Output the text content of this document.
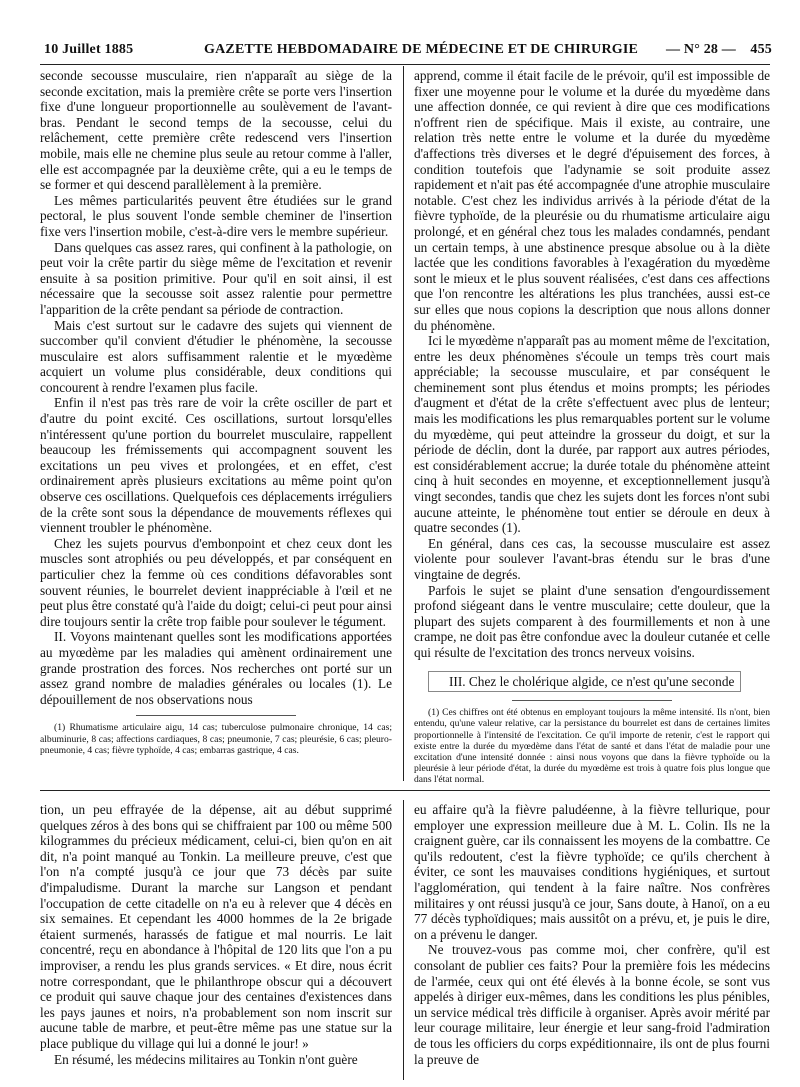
10 Juillet 1885	GAZETTE HEBDOMADAIRE DE MÉDECINE ET DE CHIRURGIE — N° 28 — 455

seconde secousse musculaire, rien n'apparaît au siège de la seconde excitation, mais la première crête se porte vers l'insertion fixe d'une longueur proportionnelle au soulèvement de l'avant-bras. Pendant le second temps de la secousse, celui du relâchement, cette première crête redescend vers l'insertion mobile, mais elle ne chemine plus seule au retour comme à l'aller, elle est accompagnée par la deuxième crête, qui a eu le temps de se former et qui descend parallèlement à la première.

Les mêmes particularités peuvent être étudiées sur le grand pectoral, le plus souvent l'onde semble cheminer de l'insertion fixe vers l'insertion mobile, c'est-à-dire vers le membre supérieur.

Dans quelques cas assez rares, qui confinent à la pathologie, on peut voir la crête partir du siège même de l'excitation et revenir ensuite à sa position primitive. Pour qu'il en soit ainsi, il est nécessaire que la secousse soit assez ralentie pour permettre l'apparition de la crête pendant sa période de contraction.

Mais c'est surtout sur le cadavre des sujets qui viennent de succomber qu'il convient d'étudier le phénomène, la secousse musculaire est alors suffisamment ralentie et le myœdème acquiert un volume plus considérable, deux conditions qui concourent à rendre l'examen plus facile.

Enfin il n'est pas très rare de voir la crête osciller de part et d'autre du point excité. Ces oscillations, surtout lorsqu'elles n'intéressent qu'une portion du bourrelet musculaire, rappellent beaucoup les frémissements qui accompagnent souvent les excitations un peu vives et prolongées, et en effet, c'est ordinairement après plusieurs excitations au même point qu'on observe ces oscillations. Quelquefois ces déplacements irréguliers de la crête sont sous la dépendance de mouvements réflexes qui viennent troubler le phénomène.

Chez les sujets pourvus d'embonpoint et chez ceux dont les muscles sont atrophiés ou peu développés, et par conséquent en particulier chez la femme où ces conditions défavorables sont souvent réunies, le bourrelet devient inappréciable à l'œil et ne peut plus être constaté qu'à l'aide du doigt; celui-ci peut pour ainsi dire toujours sentir la crête trop faible pour soulever le tégument.

II. Voyons maintenant quelles sont les modifications apportées au myœdème par les maladies qui amènent ordinairement une grande prostration des forces. Nos recherches ont porté sur un assez grand nombre de maladies générales ou locales (1). Le dépouillement de nos observations nous

(1) Rhumatisme articulaire aigu, 14 cas; tuberculose pulmonaire chronique, 14 cas; albuminurie, 8 cas; affections cardiaques, 8 cas; pneumonie, 7 cas; pleurésie, 6 cas; pleuro-pneumonie, 4 cas; fièvre typhoïde, 4 cas; embarras gastrique, 4 cas.

apprend, comme il était facile de le prévoir, qu'il est impossible de fixer une moyenne pour le volume et la durée du myœdème dans une affection donnée, ce qui revient à dire que ces modifications n'offrent rien de spécifique. Mais il existe, au contraire, une relation très nette entre le volume et la durée du myœdème d'affections très diverses et le degré d'épuisement des forces, à condition toutefois que l'adynamie se soit produite assez rapidement et n'ait pas été accompagnée d'une atrophie musculaire notable. C'est chez les individus arrivés à la période d'état de la fièvre typhoïde, de la pleurésie ou du rhumatisme articulaire aigu prolongé, et en général chez tous les malades condamnés, pendant un certain temps, à une abstinence presque absolue ou à la diète lactée que les conditions favorables à l'exagération du myœdème sont le mieux et le plus souvent réalisées, c'est dans ces affections que l'on rencontre les altérations les plus tranchées, aussi est-ce sur elles que nous copions la description que nous allons donner du phénomène.

Ici le myœdème n'apparaît pas au moment même de l'excitation, entre les deux phénomènes s'écoule un temps très court mais appréciable; la secousse musculaire, et par conséquent le cheminement sont plus étendus et moins prompts; les périodes d'augment et d'état de la crête s'effectuent avec plus de lenteur; mais les modifications les plus remarquables portent sur le volume du myœdème, qui peut atteindre la grosseur du doigt, et sur la période de déclin, dont la durée, par rapport aux autres périodes, est considérablement accrue; la durée totale du phénomène atteint cinq à huit secondes en moyenne, et exceptionnellement jusqu'à vingt secondes, tandis que chez les sujets dont les forces n'ont subi aucune atteinte, le phénomène tout entier se déroule en deux à quatre secondes (1).

En général, dans ces cas, la secousse musculaire est assez violente pour soulever l'avant-bras étendu sur le bras d'une vingtaine de degrés.

Parfois le sujet se plaint d'une sensation d'engourdissement profond siégeant dans le ventre musculaire; cette douleur, que la plupart des sujets comparent à des fourmillements et non à une crampe, ne doit pas être confondue avec la douleur cutanée et celle qui résulte de l'excitation des troncs nerveux voisins.

III. Chez le cholérique algide, ce n'est qu'une seconde

(1) Ces chiffres ont été obtenus en employant toujours la même intensité. Ils n'ont, bien entendu, qu'une valeur relative, car la persistance du bourrelet est dans de certaines limites proportionnelle à l'intensité de l'excitation. Ce qu'il importe de retenir, c'est le rapport qui existe entre la durée du myœdème dans l'état de santé et dans l'état de maladie pour une excitation d'une intensité donnée : ainsi nous voyons que dans la fièvre typhoïde ou la pleurésie à leur période d'état, la durée du myœdème est trois à quatre fois plus longue que dans l'état normal.

tion, un peu effrayée de la dépense, ait au début supprimé quelques zéros à des bons qui se chiffraient par 100 ou même 500 kilogrammes du précieux médicament, celui-ci, bien qu'on en ait dit, n'a point manqué au Tonkin. La meilleure preuve, c'est que l'on n'a compté jusqu'à ce jour que 73 décès par suite d'impaludisme. Durant la marche sur Langson et pendant l'occupation de cette citadelle on n'a eu à relever que 4 décès en six semaines. Et cependant les 4000 hommes de la 2e brigade étaient surmenés, harassés de fatigue et mal nourris. Le lait concentré, reçu en abondance à l'hôpital de 120 lits que l'on a pu improviser, a rendu les plus grands services. « Et dire, nous écrit notre correspondant, que le philanthrope obscur qui a découvert ce produit qui sauve chaque jour des centaines d'existences dans les pays jaunes et noirs, n'a probablement son nom inscrit sur aucune table de marbre, et peut-être même pas une statue sur la place publique du village qui lui a donné le jour! »

En résumé, les médecins militaires au Tonkin n'ont guère

eu affaire qu'à la fièvre paludéenne, à la fièvre tellurique, pour employer une expression meilleure due à M. L. Colin. Ils ne la craignent guère, car ils connaissent les moyens de la combattre. Ce qu'ils redoutent, c'est la fièvre typhoïde; ce qu'ils cherchent à éviter, ce sont les mauvaises conditions hygiéniques, et surtout l'agglomération, qui tendent à la faire naître. Nos confrères militaires y ont réussi jusqu'à ce jour, Sans doute, à Hanoï, on a eu 77 décès typhoïdiques; mais aussitôt on a prévu, et, je puis le dire, on a prévenu le danger.

Ne trouvez-vous pas comme moi, cher confrère, qu'il est consolant de publier ces faits? Pour la première fois les médecins de l'armée, ceux qui ont été élevés à la bonne école, se sont vus appelés à diriger eux-mêmes, dans les conditions les plus pénibles, un service médical très difficile à organiser. Après avoir mérité par leur courage militaire, leur énergie et leur sang-froid l'admiration de tous les officiers du corps expéditionnaire, ils ont de plus fourni la preuve de
